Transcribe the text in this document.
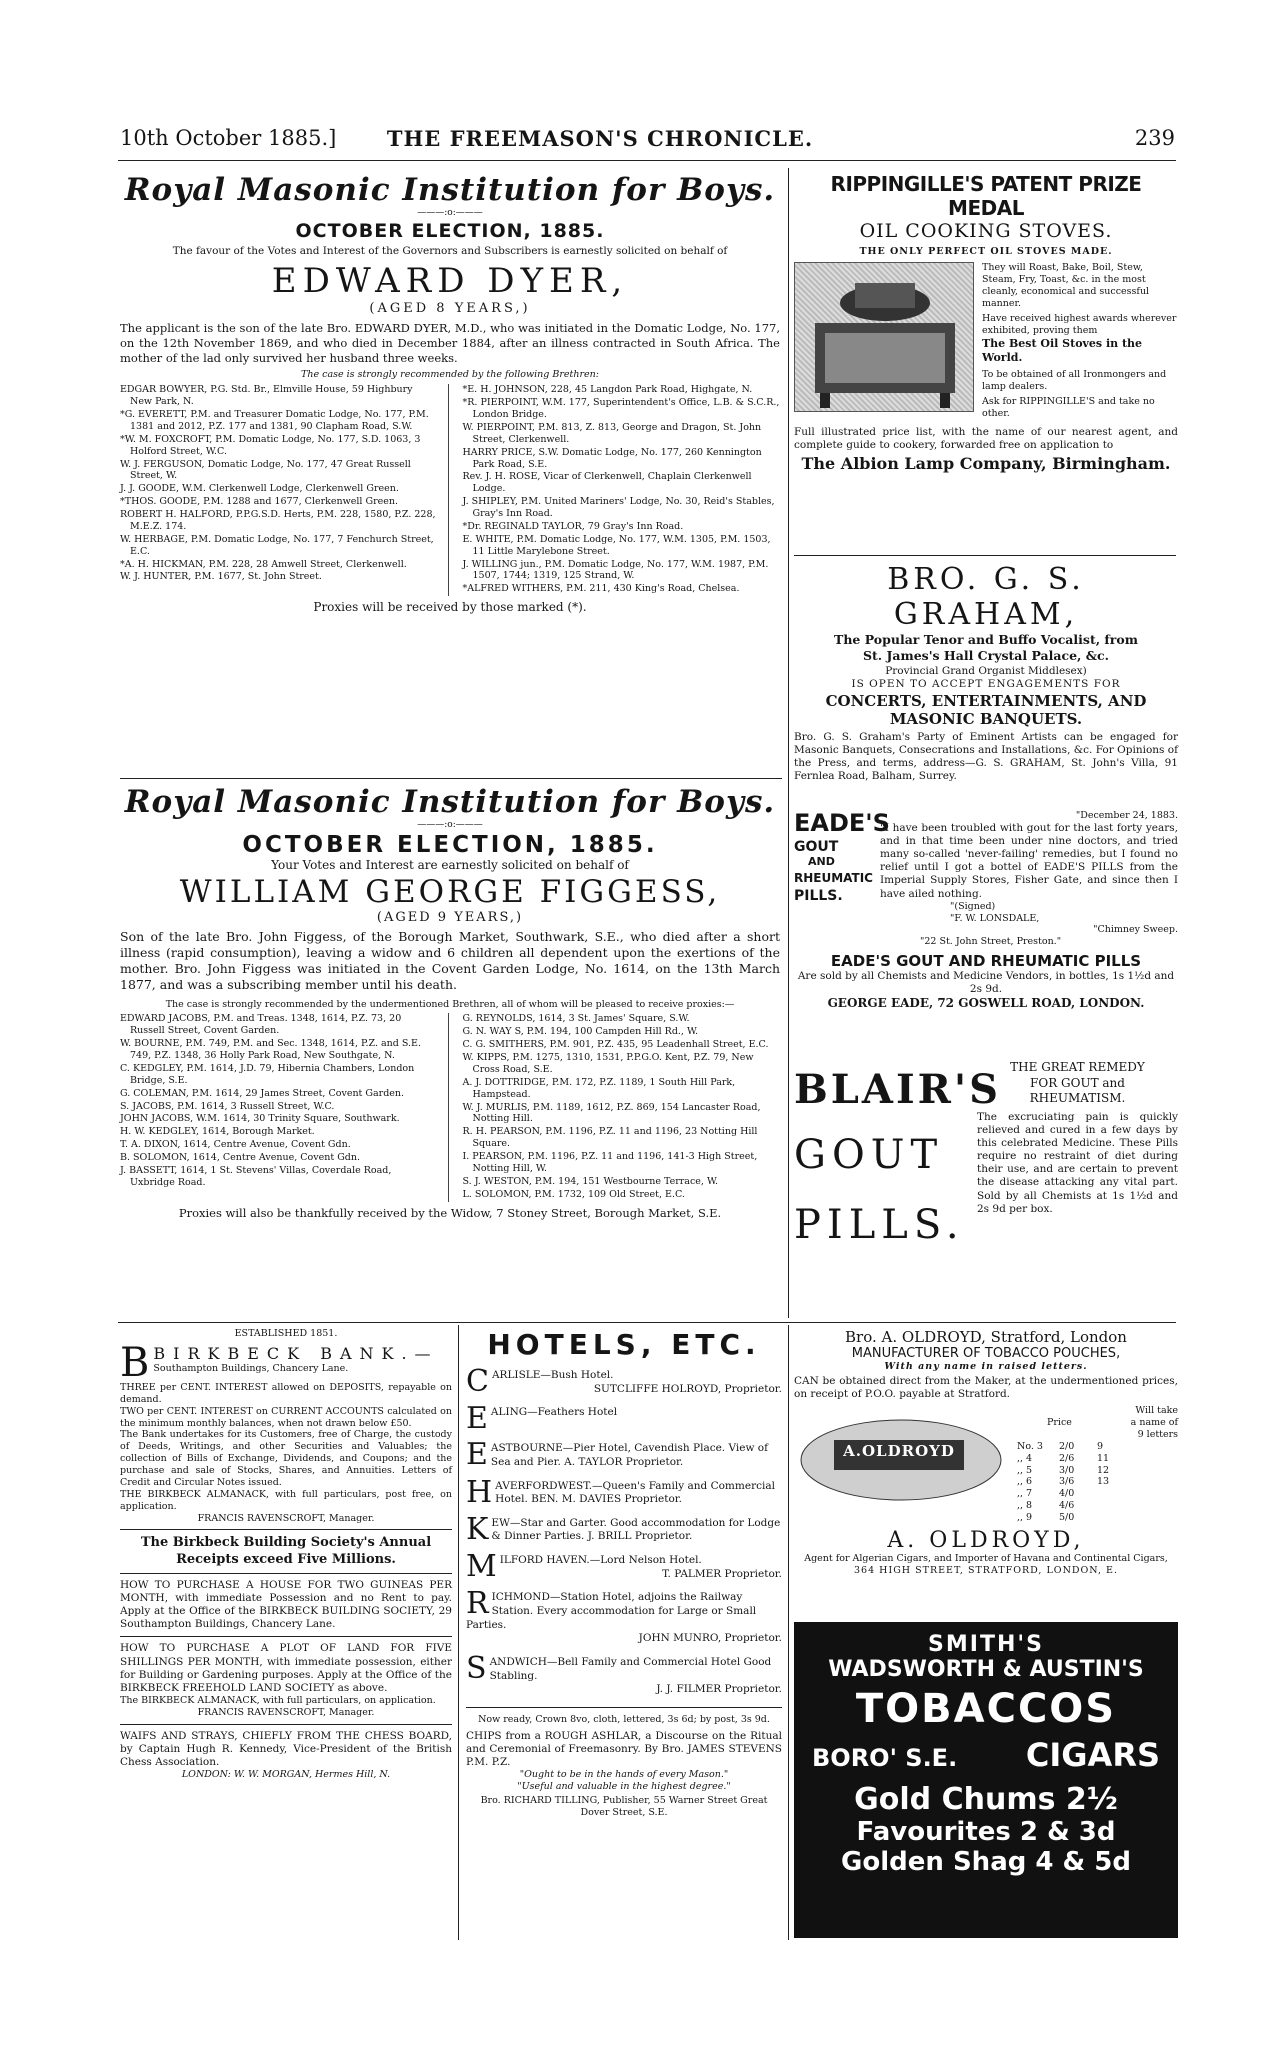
10th October 1885.]	THE FREEMASON'S CHRONICLE.	239
Royal Masonic Institution for Boys.
———:o:———
OCTOBER ELECTION, 1885.
The favour of the Votes and Interest of the Governors and Subscribers is earnestly solicited on behalf of
EDWARD DYER,
(AGED 8 YEARS,)
The applicant is the son of the late Bro. EDWARD DYER, M.D., who was initiated in the Domatic Lodge, No. 177, on the 12th November 1869, and who died in December 1884, after an illness contracted in South Africa. The mother of the lad only survived her husband three weeks.
The case is strongly recommended by the following Brethren:

EDGAR BOWYER, P.G. Std. Br., Elmville House, 59 Highbury New Park, N.

*G. EVERETT, P.M. and Treasurer Domatic Lodge, No. 177, P.M. 1381 and 2012, P.Z. 177 and 1381, 90 Clapham Road, S.W.

*W. M. FOXCROFT, P.M. Domatic Lodge, No. 177, S.D. 1063, 3 Holford Street, W.C.

W. J. FERGUSON, Domatic Lodge, No. 177, 47 Great Russell Street, W.

J. J. GOODE, W.M. Clerkenwell Lodge, Clerkenwell Green.

*THOS. GOODE, P.M. 1288 and 1677, Clerkenwell Green.

ROBERT H. HALFORD, P.P.G.S.D. Herts, P.M. 228, 1580, P.Z. 228, M.E.Z. 174.

W. HERBAGE, P.M. Domatic Lodge, No. 177, 7 Fenchurch Street, E.C.

*A. H. HICKMAN, P.M. 228, 28 Amwell Street, Clerkenwell.

W. J. HUNTER, P.M. 1677, St. John Street.

*E. H. JOHNSON, 228, 45 Langdon Park Road, Highgate, N.

*R. PIERPOINT, W.M. 177, Superintendent's Office, L.B. & S.C.R., London Bridge.

W. PIERPOINT, P.M. 813, Z. 813, George and Dragon, St. John Street, Clerkenwell.

HARRY PRICE, S.W. Domatic Lodge, No. 177, 260 Kennington Park Road, S.E.

Rev. J. H. ROSE, Vicar of Clerkenwell, Chaplain Clerkenwell Lodge.

J. SHIPLEY, P.M. United Mariners' Lodge, No. 30, Reid's Stables, Gray's Inn Road.

*Dr. REGINALD TAYLOR, 79 Gray's Inn Road.

E. WHITE, P.M. Domatic Lodge, No. 177, W.M. 1305, P.M. 1503, 11 Little Marylebone Street.

J. WILLING jun., P.M. Domatic Lodge, No. 177, W.M. 1987, P.M. 1507, 1744; 1319, 125 Strand, W.

*ALFRED WITHERS, P.M. 211, 430 King's Road, Chelsea.

Proxies will be received by those marked (*).
Royal Masonic Institution for Boys.
———:o:———
OCTOBER ELECTION, 1885.
Your Votes and Interest are earnestly solicited on behalf of
WILLIAM GEORGE FIGGESS,
(AGED 9 YEARS,)
Son of the late Bro. John Figgess, of the Borough Market, Southwark, S.E., who died after a short illness (rapid consumption), leaving a widow and 6 children all dependent upon the exertions of the mother. Bro. John Figgess was initiated in the Covent Garden Lodge, No. 1614, on the 13th March 1877, and was a subscribing member until his death.
The case is strongly recommended by the undermentioned Brethren, all of whom will be pleased to receive proxies:—

EDWARD JACOBS, P.M. and Treas. 1348, 1614, P.Z. 73, 20 Russell Street, Covent Garden.

W. BOURNE, P.M. 749, P.M. and Sec. 1348, 1614, P.Z. and S.E. 749, P.Z. 1348, 36 Holly Park Road, New Southgate, N.

C. KEDGLEY, P.M. 1614, J.D. 79, Hibernia Chambers, London Bridge, S.E.

G. COLEMAN, P.M. 1614, 29 James Street, Covent Garden.

S. JACOBS, P.M. 1614, 3 Russell Street, W.C.

JOHN JACOBS, W.M. 1614, 30 Trinity Square, Southwark.

H. W. KEDGLEY, 1614, Borough Market.

T. A. DIXON, 1614, Centre Avenue, Covent Gdn.

B. SOLOMON, 1614, Centre Avenue, Covent Gdn.

J. BASSETT, 1614, 1 St. Stevens' Villas, Coverdale Road, Uxbridge Road.

G. REYNOLDS, 1614, 3 St. James' Square, S.W.

G. N. WAY S, P.M. 194, 100 Campden Hill Rd., W.

C. G. SMITHERS, P.M. 901, P.Z. 435, 95 Leadenhall Street, E.C.

W. KIPPS, P.M. 1275, 1310, 1531, P.P.G.O. Kent, P.Z. 79, New Cross Road, S.E.

A. J. DOTTRIDGE, P.M. 172, P.Z. 1189, 1 South Hill Park, Hampstead.

W. J. MURLIS, P.M. 1189, 1612, P.Z. 869, 154 Lancaster Road, Notting Hill.

R. H. PEARSON, P.M. 1196, P.Z. 11 and 1196, 23 Notting Hill Square.

I. PEARSON, P.M. 1196, P.Z. 11 and 1196, 141-3 High Street, Notting Hill, W.

S. J. WESTON, P.M. 194, 151 Westbourne Terrace, W.

L. SOLOMON, P.M. 1732, 109 Old Street, E.C.

Proxies will also be thankfully received by the Widow, 7 Stoney Street, Borough Market, S.E.
RIPPINGILLE'S PATENT PRIZE MEDAL
OIL COOKING STOVES.
THE ONLY PERFECT OIL STOVES MADE.

They will Roast, Bake, Boil, Stew, Steam, Fry, Toast, &c. in the most cleanly, economical and successful manner.

Have received highest awards wherever exhibited, proving them

The Best Oil Stoves in the World.

To be obtained of all Ironmongers and lamp dealers.

Ask for RIPPINGILLE'S and take no other.

Full illustrated price list, with the name of our nearest agent, and complete guide to cookery, forwarded free on application to
The Albion Lamp Company, Birmingham.
BRO. G. S. GRAHAM,
The Popular Tenor and Buffo Vocalist, from
St. James's Hall Crystal Palace, &c.
Provincial Grand Organist Middlesex)
IS OPEN TO ACCEPT ENGAGEMENTS FOR
CONCERTS, ENTERTAINMENTS, AND
MASONIC BANQUETS.
Bro. G. S. Graham's Party of Eminent Artists can be engaged for Masonic Banquets, Consecrations and Installations, &c. For Opinions of the Press, and terms, address—G. S. GRAHAM, St. John's Villa, 91 Fernlea Road, Balham, Surrey.
EADE'S
GOUT
AND
RHEUMATIC
PILLS.
"December 24, 1883.
"I have been troubled with gout for the last forty years, and in that time been under nine doctors, and tried many so-called 'never-failing' remedies, but I found no relief until I got a bottel of EADE'S PILLS from the Imperial Supply Stores, Fisher Gate, and since then I have ailed nothing.
"(Signed)
"F. W. LONSDALE,
"Chimney Sweep.
"22 St. John Street, Preston."
EADE'S GOUT AND RHEUMATIC PILLS
Are sold by all Chemists and Medicine Vendors, in bottles, 1s 1½d and 2s 9d.
GEORGE EADE, 72 GOSWELL ROAD, LONDON.
BLAIR'S
GOUT
PILLS.
THE GREAT REMEDY
FOR GOUT and
RHEUMATISM.
The excruciating pain is quickly relieved and cured in a few days by this celebrated Medicine. These Pills require no restraint of diet during their use, and are certain to prevent the disease attacking any vital part. Sold by all Chemists at 1s 1½d and 2s 9d per box.
ESTABLISHED 1851.
B BIRKBECK BANK.—
Southampton Buildings, Chancery Lane.
THREE per CENT. INTEREST allowed on DEPOSITS, repayable on demand.
TWO per CENT. INTEREST on CURRENT ACCOUNTS calculated on the minimum monthly balances, when not drawn below £50.
The Bank undertakes for its Customers, free of Charge, the custody of Deeds, Writings, and other Securities and Valuables; the collection of Bills of Exchange, Dividends, and Coupons; and the purchase and sale of Stocks, Shares, and Annuities. Letters of Credit and Circular Notes issued.
THE BIRKBECK ALMANACK, with full particulars, post free, on application.
FRANCIS RAVENSCROFT, Manager.
The Birkbeck Building Society's Annual Receipts exceed Five Millions.
HOW TO PURCHASE A HOUSE FOR TWO GUINEAS PER MONTH, with immediate Possession and no Rent to pay. Apply at the Office of the BIRKBECK BUILDING SOCIETY, 29 Southampton Buildings, Chancery Lane.
HOW TO PURCHASE A PLOT OF LAND FOR FIVE SHILLINGS PER MONTH, with immediate possession, either for Building or Gardening purposes. Apply at the Office of the BIRKBECK FREEHOLD LAND SOCIETY as above.
The BIRKBECK ALMANACK, with full particulars, on application.
FRANCIS RAVENSCROFT, Manager.
WAIFS AND STRAYS, CHIEFLY FROM THE CHESS BOARD, by Captain Hugh R. Kennedy, Vice-President of the British Chess Association.
LONDON: W. W. MORGAN, Hermes Hill, N.
HOTELS, ETC.
C ARLISLE—Bush Hotel.
SUTCLIFFE HOLROYD, Proprietor.
E ALING—Feathers Hotel
E ASTBOURNE—Pier Hotel, Cavendish Place. View of Sea and Pier. A. TAYLOR Proprietor.
H AVERFORDWEST.—Queen's Family and Commercial Hotel. BEN. M. DAVIES Proprietor.
K EW—Star and Garter. Good accommodation for Lodge & Dinner Parties. J. BRILL Proprietor.
M ILFORD HAVEN.—Lord Nelson Hotel.
T. PALMER Proprietor.
R ICHMOND—Station Hotel, adjoins the Railway Station. Every accommodation for Large or Small Parties.
JOHN MUNRO, Proprietor.
S ANDWICH—Bell Family and Commercial Hotel Good Stabling.
J. J. FILMER Proprietor.
Now ready, Crown 8vo, cloth, lettered, 3s 6d; by post, 3s 9d.
CHIPS from a ROUGH ASHLAR, a Discourse on the Ritual and Ceremonial of Freemasonry. By Bro. JAMES STEVENS P.M. P.Z.
"Ought to be in the hands of every Mason."
"Useful and valuable in the highest degree."
Bro. RICHARD TILLING, Publisher, 55 Warner Street Great Dover Street, S.E.
Bro. A. OLDROYD, Stratford, London
MANUFACTURER OF TOBACCO POUCHES,
With any name in raised letters.
CAN be obtained direct from the Maker, at the undermentioned prices, on receipt of P.O.O. payable at Stratford.
A.OLDROYD
Will take
Price	a name of
9 letters
No. 3	2/0	9
,, 4	2/6	11
,, 5	3/0	12
,, 6	3/6	13
,, 7	4/0
,, 8	4/6
,, 9	5/0
A. OLDROYD,
Agent for Algerian Cigars, and Importer of Havana and Continental Cigars,
364 HIGH STREET, STRATFORD, LONDON, E.
SMITH'S
WADSWORTH & AUSTIN'S
TOBACCOS
BORO' S.E. CIGARS
Gold Chums 2½
Favourites 2 & 3d
Golden Shag 4 & 5d
